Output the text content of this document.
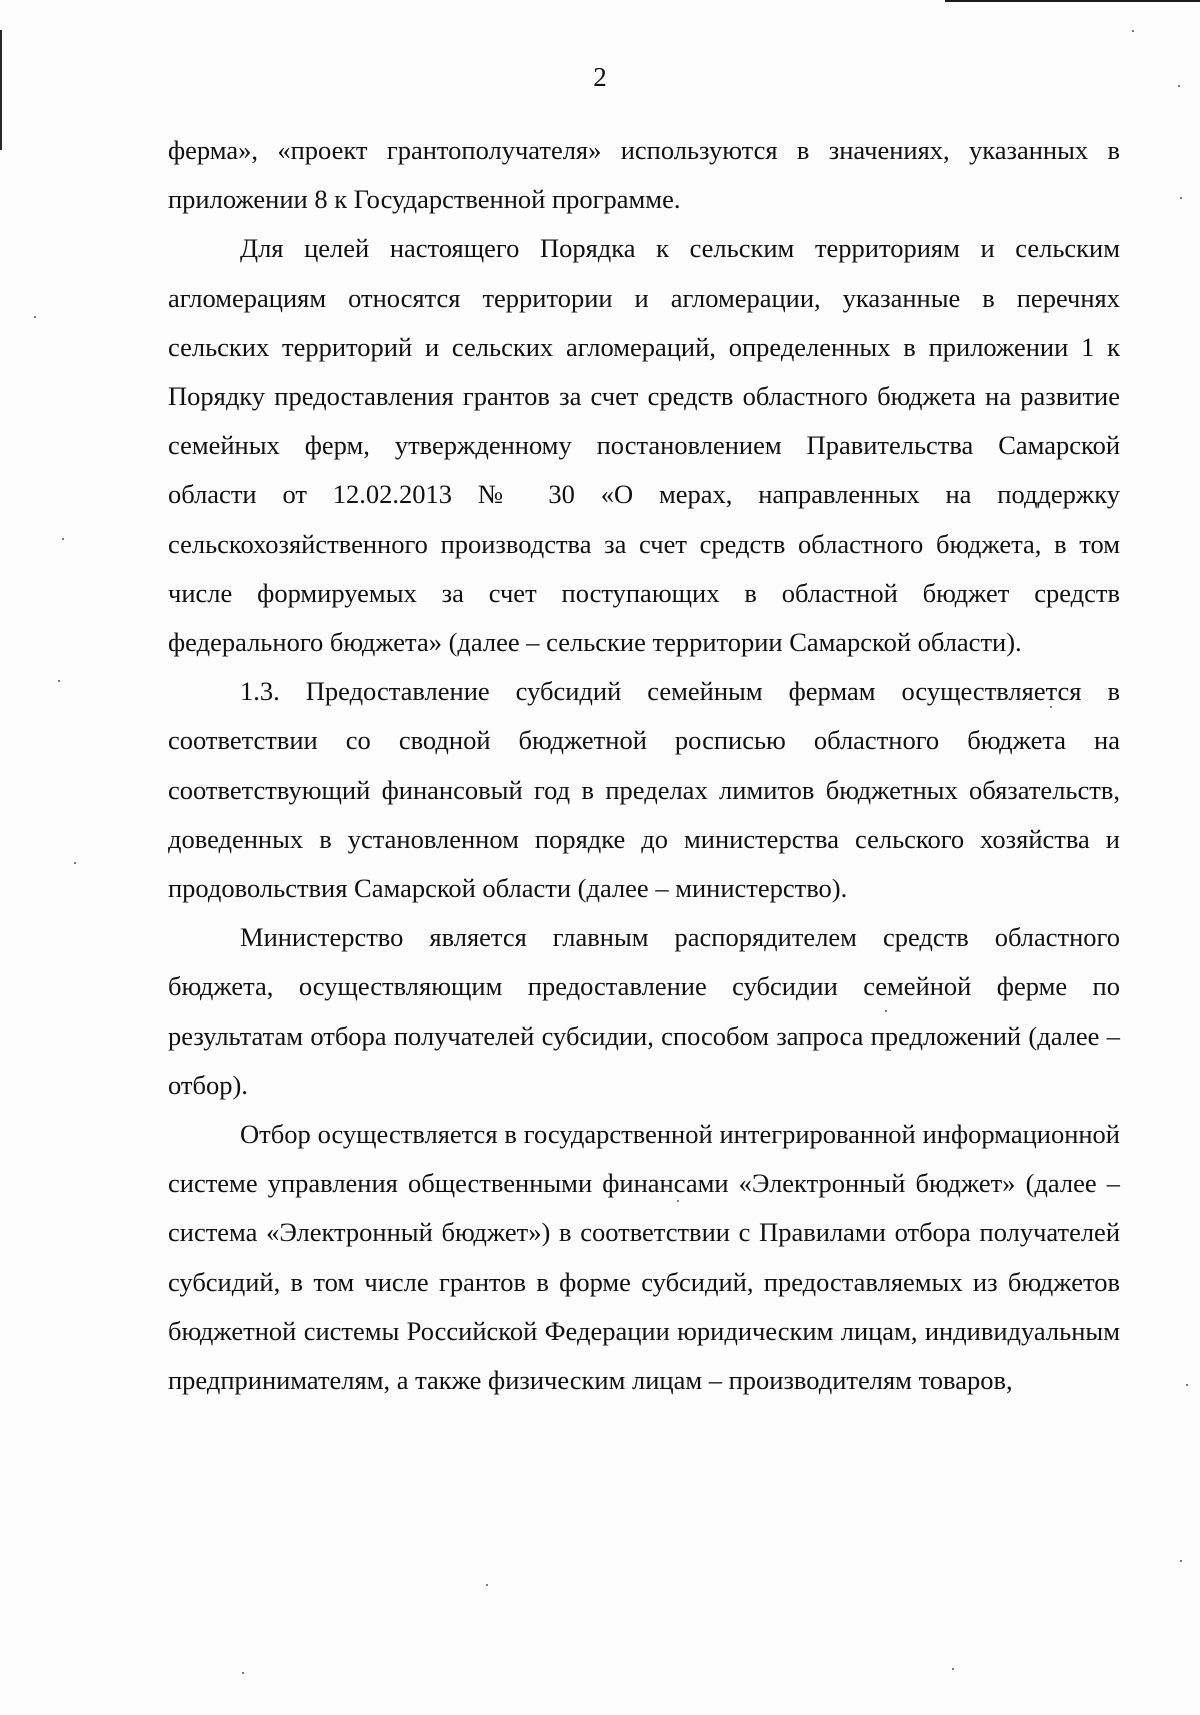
2

ферма», «проект грантополучателя» используются в значениях, указанных в приложении 8 к Государственной программе.

Для целей настоящего Порядка к сельским территориям и сельским агломерациям относятся территории и агломерации, указанные в перечнях сельских территорий и сельских агломераций, определенных в приложении 1 к Порядку предоставления грантов за счет средств областного бюджета на развитие семейных ферм, утвержденному постановлением Правительства Самарской области от 12.02.2013 № 30 «О мерах, направленных на поддержку сельскохозяйственного производства за счет средств областного бюджета, в том числе формируемых за счет поступающих в областной бюджет средств федерального бюджета» (далее – сельские территории Самарской области).

1.3. Предоставление субсидий семейным фермам осуществляется в соответствии со сводной бюджетной росписью областного бюджета на соответствующий финансовый год в пределах лимитов бюджетных обязательств, доведенных в установленном порядке до министерства сельского хозяйства и продовольствия Самарской области (далее – министерство).

Министерство является главным распорядителем средств областного бюджета, осуществляющим предоставление субсидии семейной ферме по результатам отбора получателей субсидии, способом запроса предложений (далее – отбор).

Отбор осуществляется в государственной интегрированной информационной системе управления общественными финансами «Электронный бюджет» (далее – система «Электронный бюджет») в соответствии с Правилами отбора получателей субсидий, в том числе грантов в форме субсидий, предоставляемых из бюджетов бюджетной системы Российской Федерации юридическим лицам, индивидуальным предпринимателям, а также физическим лицам – производителям товаров,
